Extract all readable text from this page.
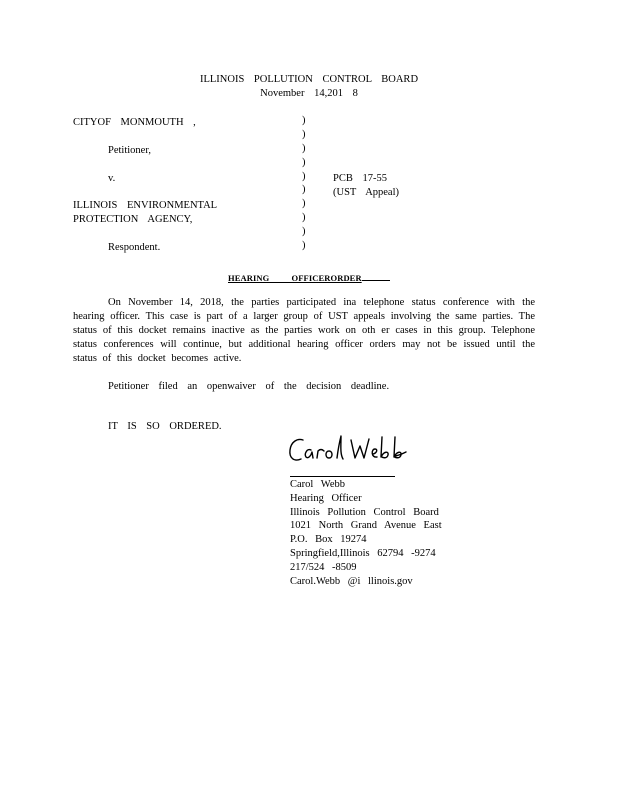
ILLINOIS POLLUTION CONTROL BOARD
November 14,201 8
CITYOF MONMOUTH ,
Petitioner,
v.
ILLINOIS ENVIRONMENTAL
PROTECTION AGENCY,
Respondent.
)
)
)
)
)
)
)
)
)
)
PCB 17-55
(UST Appeal)
HEARING OFFICERORDER
On November 14, 2018, the parties participated ina telephone status conference with the hearing officer. This case is part of a larger group of UST appeals involving the same parties. The status of this docket remains inactive as the parties work on oth er cases in this group. Telephone status conferences will continue, but additional hearing officer orders may not be issued until the status of this docket becomes active.
Petitioner filed an openwaiver of the decision deadline.
IT IS SO ORDERED.
Carol Webb
Hearing Officer
Illinois Pollution Control Board
1021 North Grand Avenue East
P.O. Box 19274
Springfield,Illinois 62794 -9274
217/524 -8509
Carol.Webb @i llinois.gov
